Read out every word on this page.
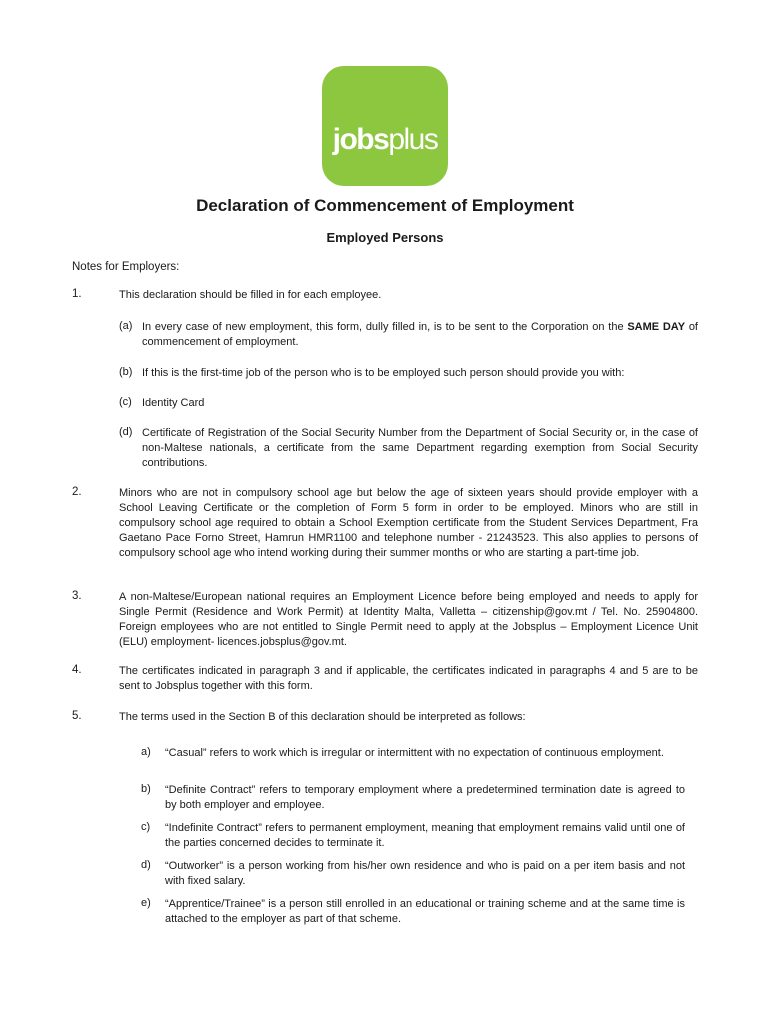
jobsplus
Declaration of Commencement of Employment
Employed Persons
Notes for Employers:
1.	This declaration should be filled in for each employee.
(a) In every case of new employment, this form, dully filled in, is to be sent to the Corporation on the SAME DAY of commencement of employment.
(b) If this is the first-time job of the person who is to be employed such person should provide you with:
(c) Identity Card
(d) Certificate of Registration of the Social Security Number from the Department of Social Security or, in the case of non-Maltese nationals, a certificate from the same Department regarding exemption from Social Security contributions.
2.	Minors who are not in compulsory school age but below the age of sixteen years should provide employer with a School Leaving Certificate or the completion of Form 5 form in order to be employed. Minors who are still in compulsory school age required to obtain a School Exemption certificate from the Student Services Department, Fra Gaetano Pace Forno Street, Hamrun HMR1100 and telephone number - 21243523. This also applies to persons of compulsory school age who intend working during their summer months or who are starting a part-time job.
3.	A non-Maltese/European national requires an Employment Licence before being employed and needs to apply for Single Permit (Residence and Work Permit) at Identity Malta, Valletta – citizenship@gov.mt / Tel. No. 25904800. Foreign employees who are not entitled to Single Permit need to apply at the Jobsplus – Employment Licence Unit (ELU) employment- licences.jobsplus@gov.mt.
4.	The certificates indicated in paragraph 3 and if applicable, the certificates indicated in paragraphs 4 and 5 are to be sent to Jobsplus together with this form.
5.	The terms used in the Section B of this declaration should be interpreted as follows:
a) “Casual” refers to work which is irregular or intermittent with no expectation of continuous employment.
b) “Definite Contract” refers to temporary employment where a predetermined termination date is agreed to by both employer and employee.
c) “Indefinite Contract” refers to permanent employment, meaning that employment remains valid until one of the parties concerned decides to terminate it.
d) “Outworker” is a person working from his/her own residence and who is paid on a per item basis and not with fixed salary.
e) “Apprentice/Trainee” is a person still enrolled in an educational or training scheme and at the same time is attached to the employer as part of that scheme.
